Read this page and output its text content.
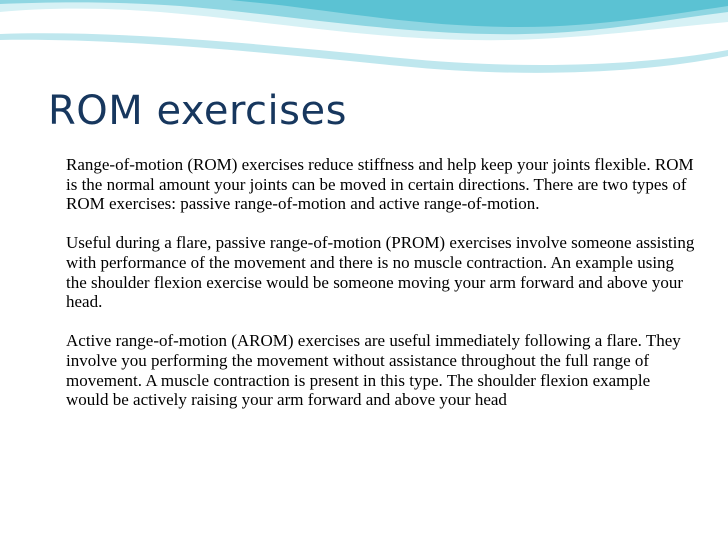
ROM exercises
Range-of-motion (ROM) exercises reduce stiffness and help keep your joints flexible. ROM is the normal amount your joints can be moved in certain directions. There are two types of ROM exercises: passive range-of-motion and active range-of-motion.

Useful during a flare, passive range-of-motion (PROM) exercises involve someone assisting with performance of the movement and there is no muscle contraction. An example using the shoulder flexion exercise would be someone moving your arm forward and above your head.

Active range-of-motion (AROM) exercises are useful immediately following a flare. They involve you performing the movement without assistance throughout the full range of movement. A muscle contraction is present in this type. The shoulder flexion example would be actively raising your arm forward and above your head
